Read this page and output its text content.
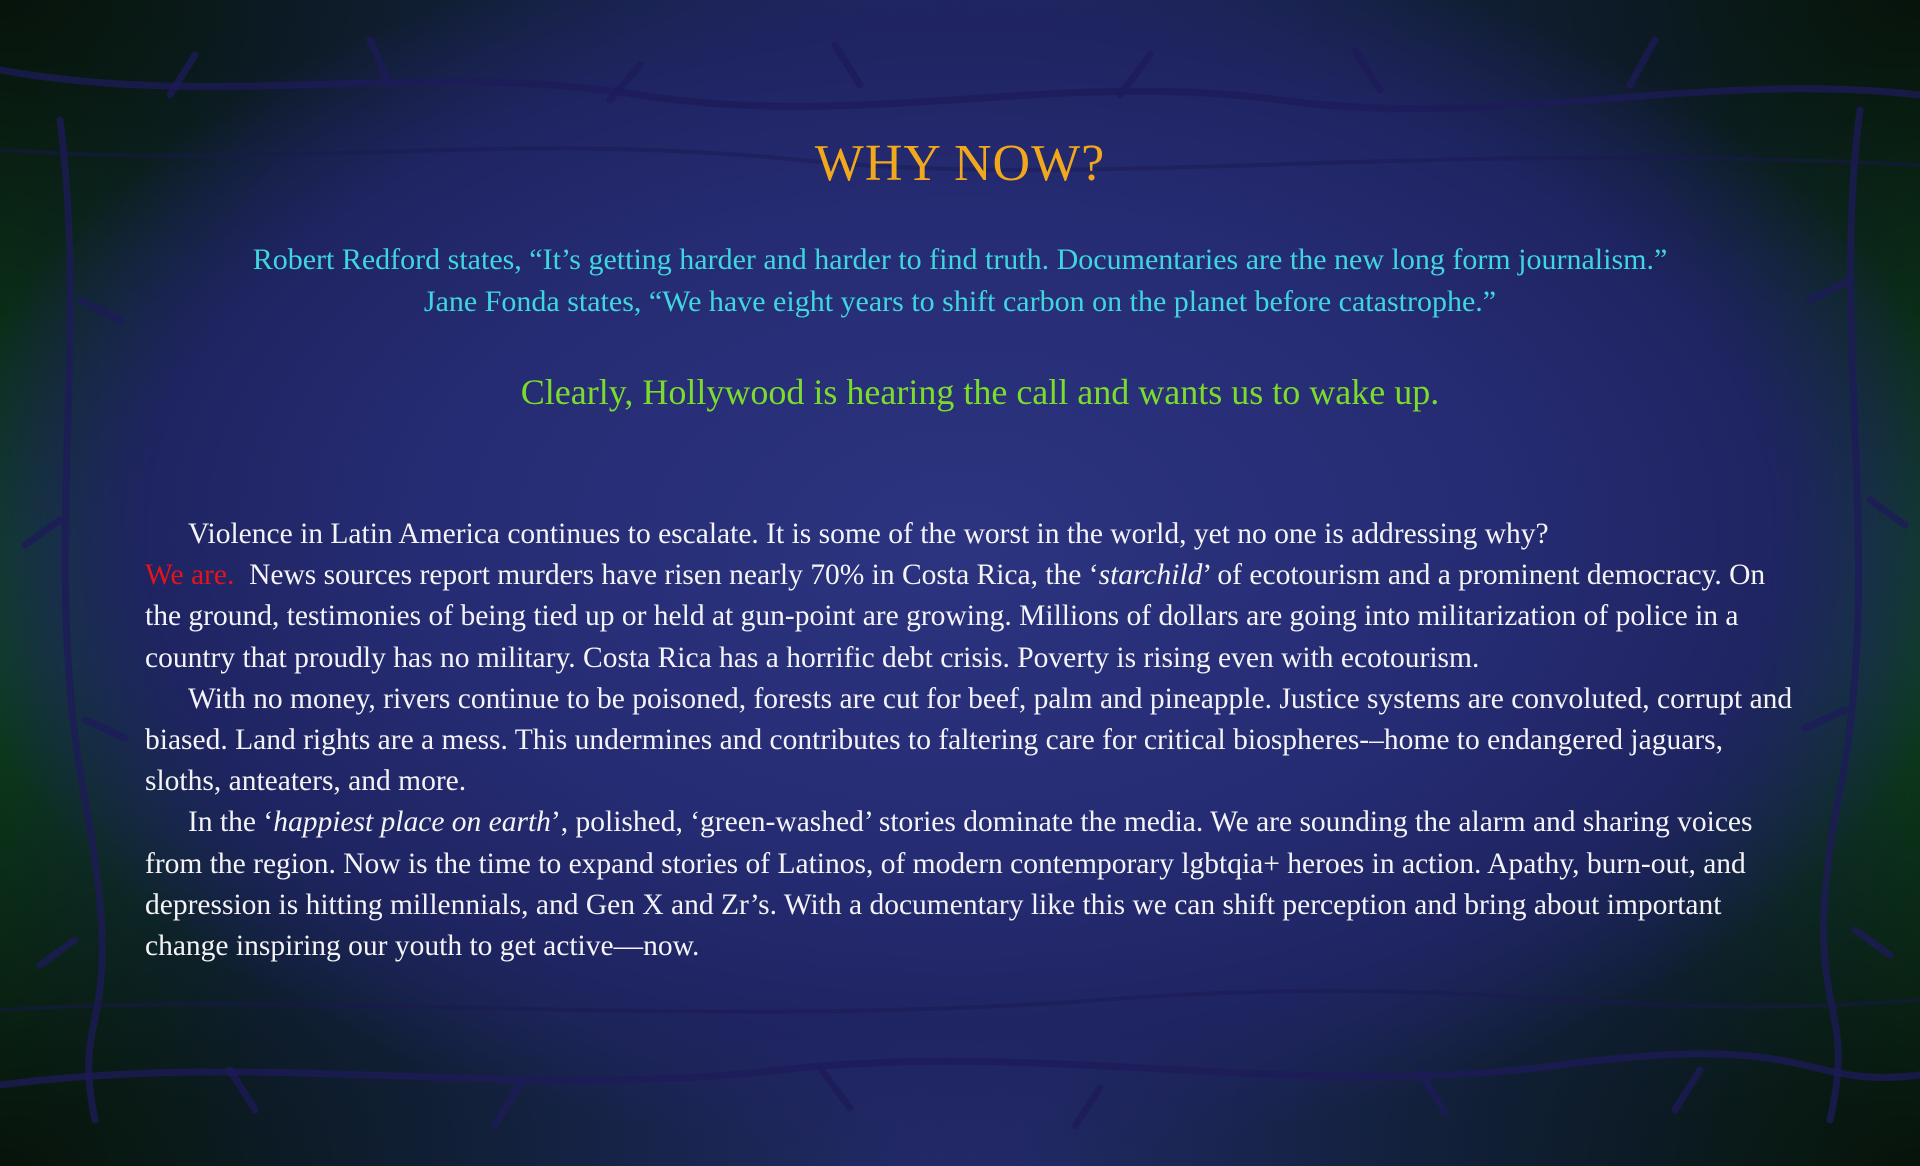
WHY NOW?

Robert Redford states, “It’s getting harder and harder to find truth. Documentaries are the new long form journalism.”

Jane Fonda states, “We have eight years to shift carbon on the planet before catastrophe.”

Clearly, Hollywood is hearing the call and wants us to wake up.

Violence in Latin America continues to escalate. It is some of the worst in the world, yet no one is addressing why?
We are.  News sources report murders have risen nearly 70% in Costa Rica, the ‘starchild’ of ecotourism and a prominent democracy. On the ground, testimonies of being tied up or held at gun-point are growing. Millions of dollars are going into militarization of police in a country that proudly has no military. Costa Rica has a horrific debt crisis. Poverty is rising even with ecotourism.

With no money, rivers continue to be poisoned, forests are cut for beef, palm and pineapple. Justice systems are convoluted, corrupt and biased. Land rights are a mess. This undermines and contributes to faltering care for critical biospheres-–home to endangered jaguars, sloths, anteaters, and more.

In the ‘happiest place on earth’, polished, ‘green-washed’ stories dominate the media. We are sounding the alarm and sharing voices from the region. Now is the time to expand stories of Latinos, of modern contemporary lgbtqia+ heroes in action. Apathy, burn-out, and depression is hitting millennials, and Gen X and Zr’s. With a documentary like this we can shift perception and bring about important change inspiring our youth to get active—now.
